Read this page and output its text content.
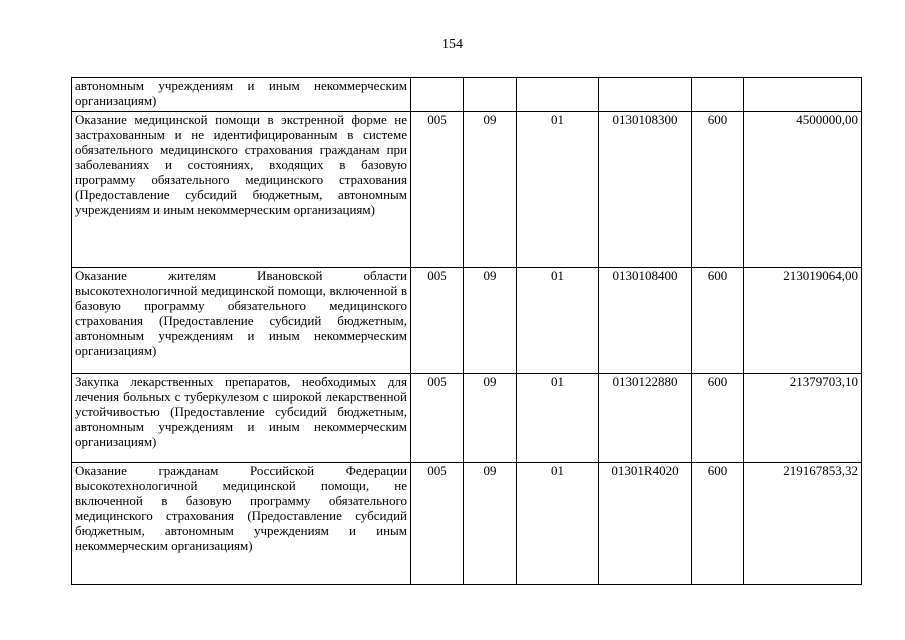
154
автономным учреждениям и иным некоммерческим организациям)						
Оказание медицинской помощи в экстренной форме не застрахованным и не идентифицированным в системе обязательного медицинского страхования гражданам при заболеваниях и состояниях, входящих в базовую программу обязательного медицинского страхования (Предоставление субсидий бюджетным, автономным учреждениям и иным некоммерческим организациям)	005	09	01	0130108300	600	4500000,00
Оказание жителям Ивановской области высокотехнологичной медицинской помощи, включенной в базовую программу обязательного медицинского страхования (Предоставление субсидий бюджетным, автономным учреждениям и иным некоммерческим организациям)	005	09	01	0130108400	600	213019064,00
Закупка лекарственных препаратов, необходимых для лечения больных с туберкулезом с широкой лекарственной устойчивостью (Предоставление субсидий бюджетным, автономным учреждениям и иным некоммерческим организациям)	005	09	01	0130122880	600	21379703,10
Оказание гражданам Российской Федерации высокотехнологичной медицинской помощи, не включенной в базовую программу обязательного медицинского страхования (Предоставление субсидий бюджетным, автономным учреждениям и иным некоммерческим организациям)	005	09	01	01301R4020	600	219167853,32
